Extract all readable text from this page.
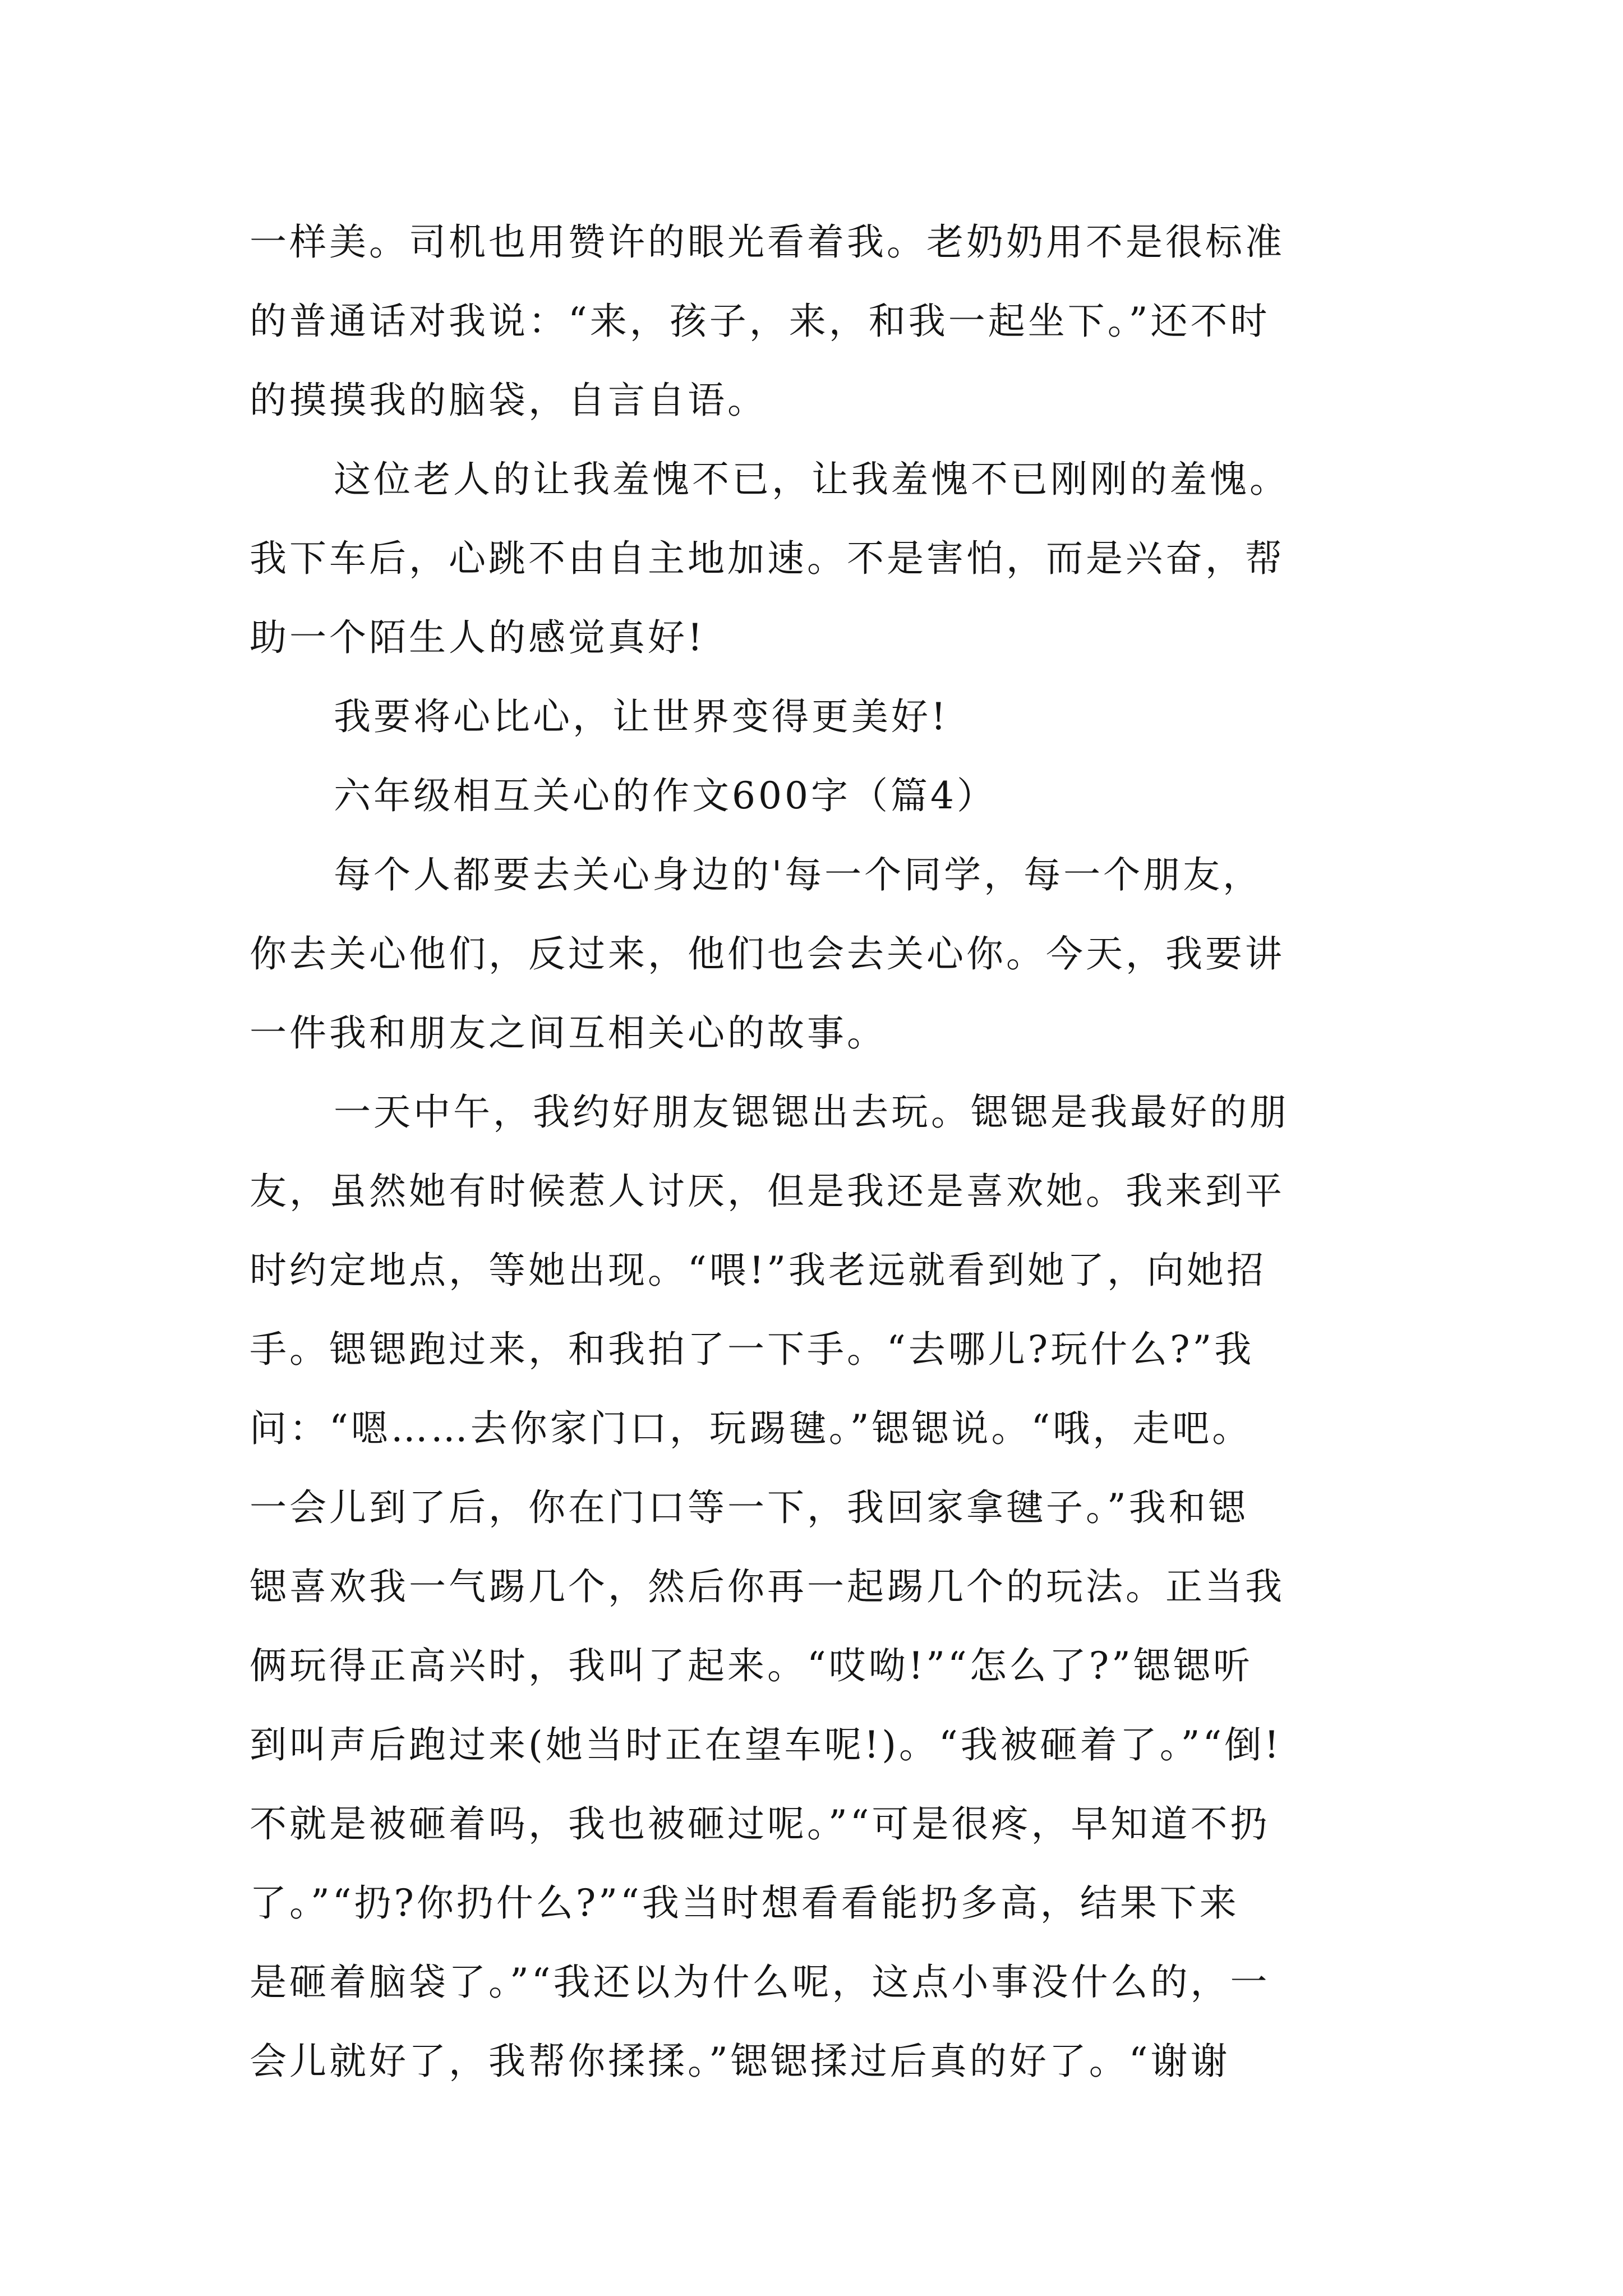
一样美。司机也用赞许的眼光看着我。老奶奶用不是很标准
的普通话对我说：“来，孩子，来，和我一起坐下。”还不时
的摸摸我的脑袋，自言自语。
这位老人的让我羞愧不已，让我羞愧不已刚刚的羞愧。
我下车后，心跳不由自主地加速。不是害怕，而是兴奋，帮
助一个陌生人的感觉真好!
我要将心比心，让世界变得更美好!
六年级相互关心的作文600字（篇4）
每个人都要去关心身边的'每一个同学，每一个朋友，
你去关心他们，反过来，他们也会去关心你。今天，我要讲
一件我和朋友之间互相关心的故事。
一天中午，我约好朋友锶锶出去玩。锶锶是我最好的朋
友，虽然她有时候惹人讨厌，但是我还是喜欢她。我来到平
时约定地点，等她出现。“喂!”我老远就看到她了，向她招
手。锶锶跑过来，和我拍了一下手。“去哪儿?玩什么?”我
问：“嗯……去你家门口，玩踢毽。”锶锶说。“哦，走吧。
一会儿到了后，你在门口等一下，我回家拿毽子。”我和锶
锶喜欢我一气踢几个，然后你再一起踢几个的玩法。正当我
俩玩得正高兴时，我叫了起来。“哎呦!”“怎么了?”锶锶听
到叫声后跑过来(她当时正在望车呢!)。“我被砸着了。”“倒!
不就是被砸着吗，我也被砸过呢。”“可是很疼，早知道不扔
了。”“扔?你扔什么?”“我当时想看看能扔多高，结果下来
是砸着脑袋了。”“我还以为什么呢，这点小事没什么的，一
会儿就好了，我帮你揉揉。”锶锶揉过后真的好了。“谢谢
